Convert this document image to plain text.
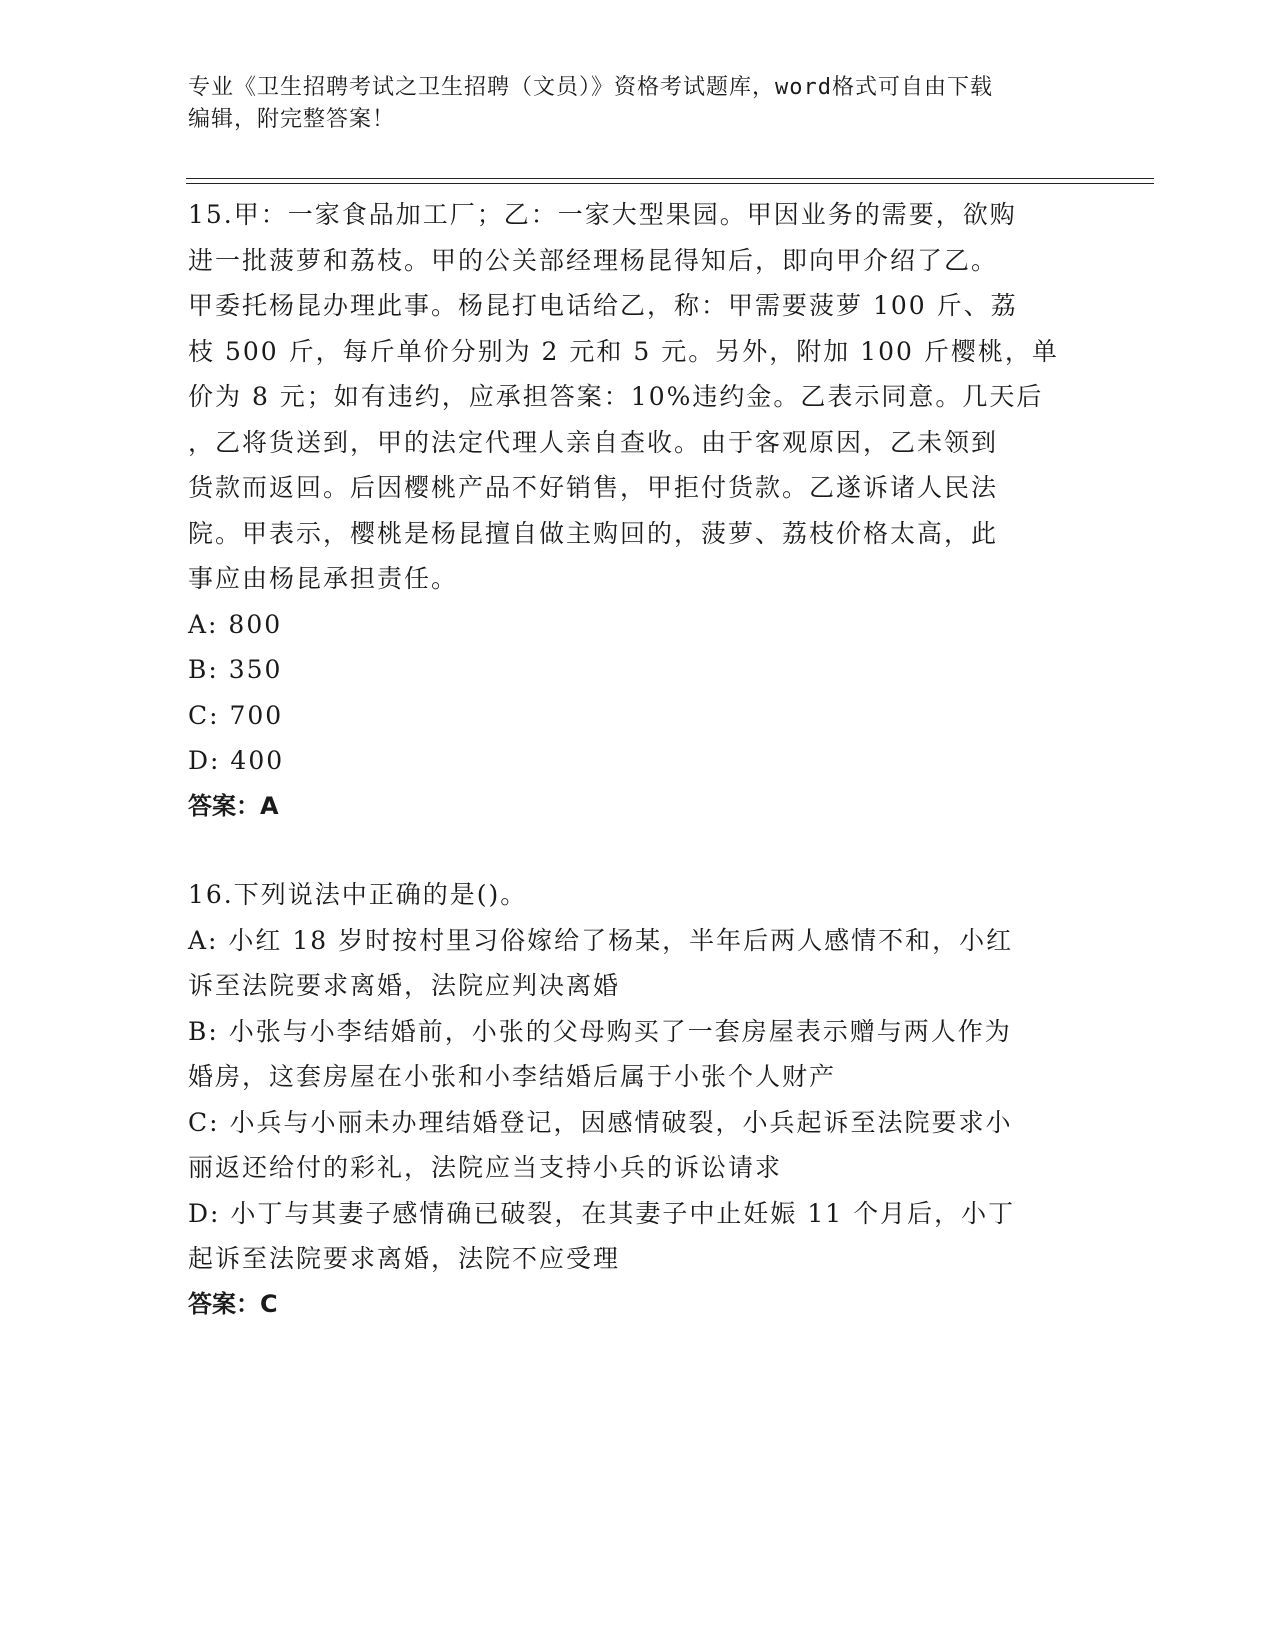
专业《卫生招聘考试之卫生招聘（文员）》资格考试题库，word格式可自由下载
编辑，附完整答案！
15.甲：一家食品加工厂；乙：一家大型果园。甲因业务的需要，欲购
进一批菠萝和荔枝。甲的公关部经理杨昆得知后，即向甲介绍了乙。
甲委托杨昆办理此事。杨昆打电话给乙，称：甲需要菠萝 100 斤、荔
枝 500 斤，每斤单价分别为 2 元和 5 元。另外，附加 100 斤樱桃，单
价为 8 元；如有违约，应承担答案：10%违约金。乙表示同意。几天后
，乙将货送到，甲的法定代理人亲自查收。由于客观原因，乙未领到
货款而返回。后因樱桃产品不好销售，甲拒付货款。乙遂诉诸人民法
院。甲表示，樱桃是杨昆擅自做主购回的，菠萝、荔枝价格太高，此
事应由杨昆承担责任。
A: 800
B: 350
C: 700
D: 400
答案：A
16.下列说法中正确的是()。
A: 小红 18 岁时按村里习俗嫁给了杨某，半年后两人感情不和，小红
诉至法院要求离婚，法院应判决离婚
B: 小张与小李结婚前，小张的父母购买了一套房屋表示赠与两人作为
婚房，这套房屋在小张和小李结婚后属于小张个人财产
C: 小兵与小丽未办理结婚登记，因感情破裂，小兵起诉至法院要求小
丽返还给付的彩礼，法院应当支持小兵的诉讼请求
D: 小丁与其妻子感情确已破裂，在其妻子中止妊娠 11 个月后，小丁
起诉至法院要求离婚，法院不应受理
答案：C
